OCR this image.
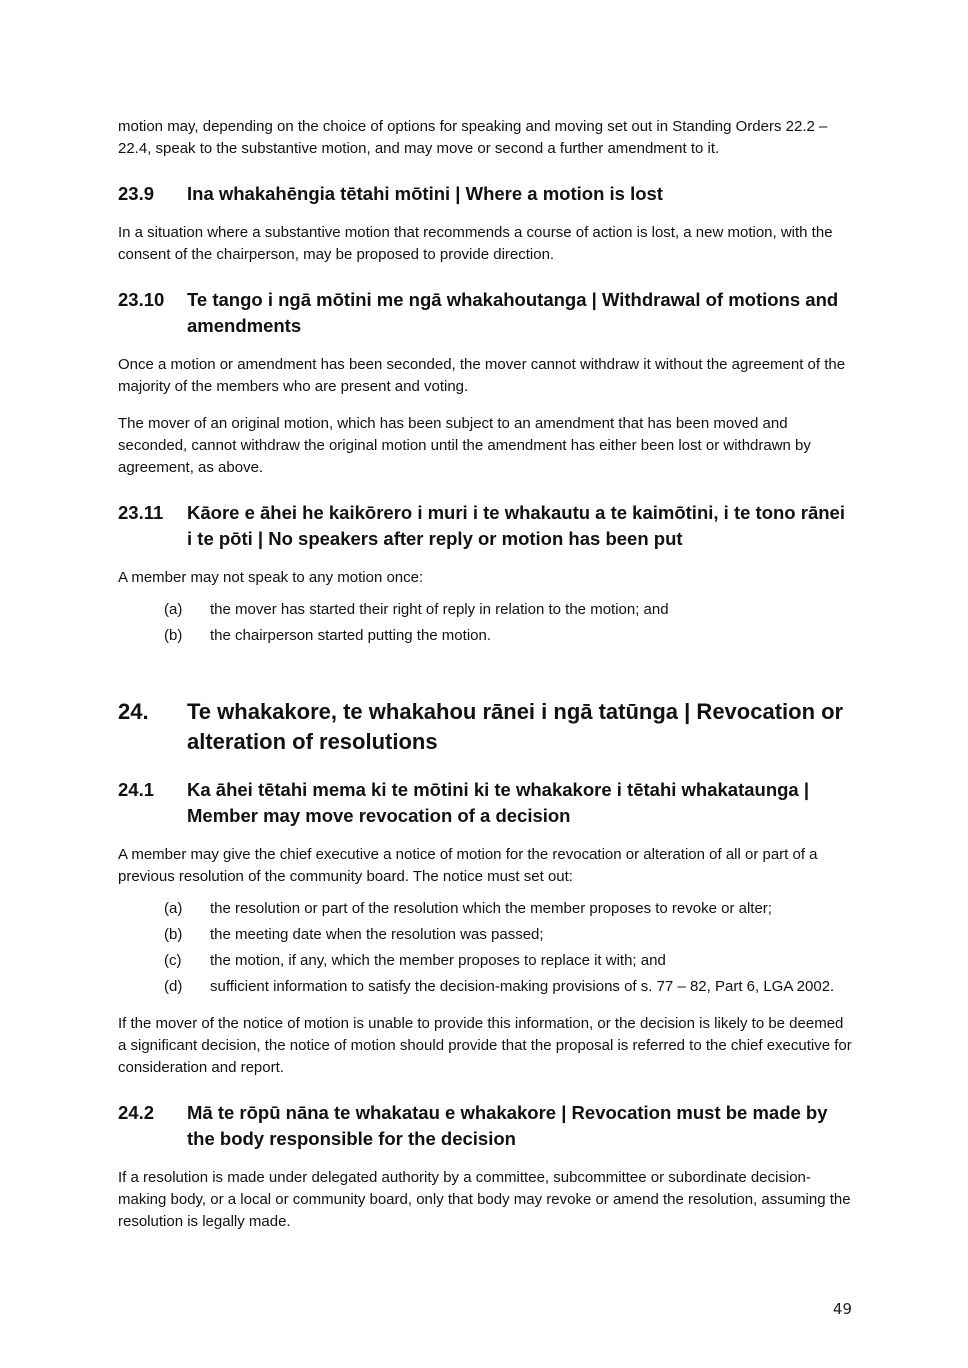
motion may, depending on the choice of options for speaking and moving set out in Standing Orders 22.2 – 22.4, speak to the substantive motion, and may move or second a further amendment to it.

23.9	Ina whakahēngia tētahi mōtini | Where a motion is lost

In a situation where a substantive motion that recommends a course of action is lost, a new motion, with the consent of the chairperson, may be proposed to provide direction.

23.10	Te tango i ngā mōtini me ngā whakahoutanga | Withdrawal of motions and amendments

Once a motion or amendment has been seconded, the mover cannot withdraw it without the agreement of the majority of the members who are present and voting.

The mover of an original motion, which has been subject to an amendment that has been moved and seconded, cannot withdraw the original motion until the amendment has either been lost or withdrawn by agreement, as above.

23.11	Kāore e āhei he kaikōrero i muri i te whakautu a te kaimōtini, i te tono rānei i te pōti | No speakers after reply or motion has been put

A member may not speak to any motion once:

(a)	the mover has started their right of reply in relation to the motion; and
(b)	the chairperson started putting the motion.
24.	Te whakakore, te whakahou rānei i ngā tatūnga | Revocation or alteration of resolutions
24.1	Ka āhei tētahi mema ki te mōtini ki te whakakore i tētahi whakataunga | Member may move revocation of a decision

A member may give the chief executive a notice of motion for the revocation or alteration of all or part of a previous resolution of the community board. The notice must set out:

(a)	the resolution or part of the resolution which the member proposes to revoke or alter;
(b)	the meeting date when the resolution was passed;
(c)	the motion, if any, which the member proposes to replace it with; and
(d)	sufficient information to satisfy the decision-making provisions of s. 77 – 82, Part 6, LGA 2002.

If the mover of the notice of motion is unable to provide this information, or the decision is likely to be deemed a significant decision, the notice of motion should provide that the proposal is referred to the chief executive for consideration and report.

24.2	Mā te rōpū nāna te whakatau e whakakore | Revocation must be made by the body responsible for the decision

If a resolution is made under delegated authority by a committee, subcommittee or subordinate decision-making body, or a local or community board, only that body may revoke or amend the resolution, assuming the resolution is legally made.

49
